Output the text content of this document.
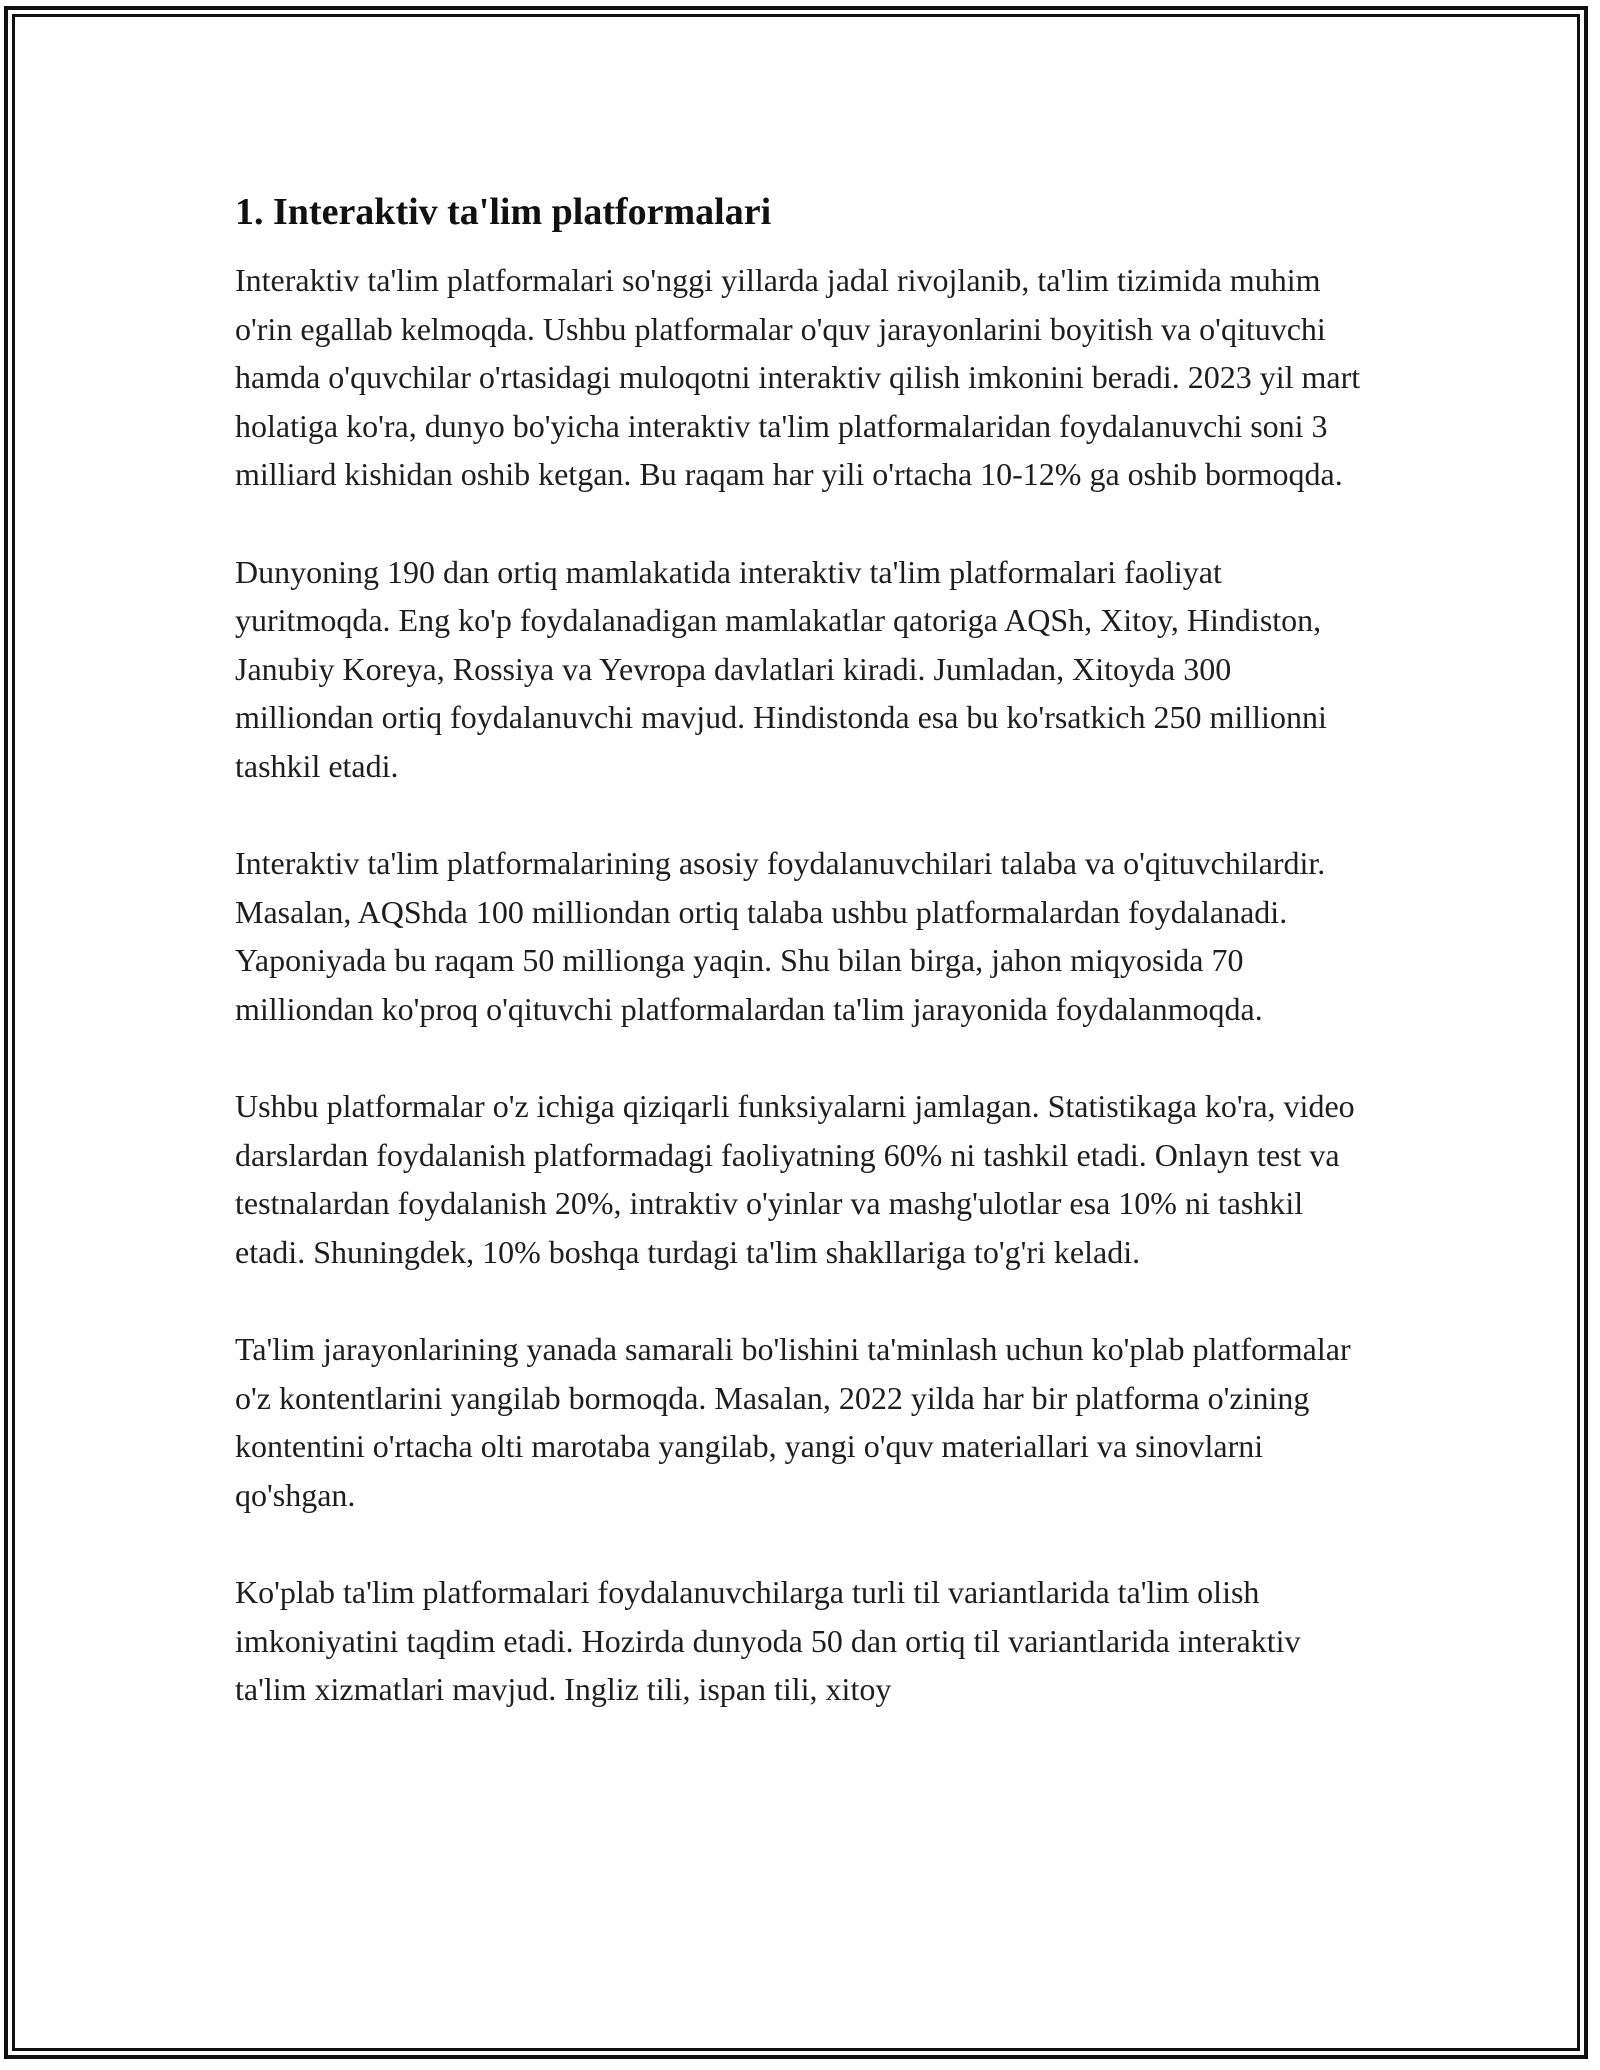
1. Interaktiv ta'lim platformalari

Interaktiv ta'lim platformalari so'nggi yillarda jadal rivojlanib, ta'lim tizimida muhim o'rin egallab kelmoqda. Ushbu platformalar o'quv jarayonlarini boyitish va o'qituvchi hamda o'quvchilar o'rtasidagi muloqotni interaktiv qilish imkonini beradi. 2023 yil mart holatiga ko'ra, dunyo bo'yicha interaktiv ta'lim platformalaridan foydalanuvchi soni 3 milliard kishidan oshib ketgan. Bu raqam har yili o'rtacha 10-12% ga oshib bormoqda.

Dunyoning 190 dan ortiq mamlakatida interaktiv ta'lim platformalari faoliyat yuritmoqda. Eng ko'p foydalanadigan mamlakatlar qatoriga AQSh, Xitoy, Hindiston, Janubiy Koreya, Rossiya va Yevropa davlatlari kiradi. Jumladan, Xitoyda 300 milliondan ortiq foydalanuvchi mavjud. Hindistonda esa bu ko'rsatkich 250 millionni tashkil etadi.

Interaktiv ta'lim platformalarining asosiy foydalanuvchilari talaba va o'qituvchilardir. Masalan, AQShda 100 milliondan ortiq talaba ushbu platformalardan foydalanadi. Yaponiyada bu raqam 50 millionga yaqin. Shu bilan birga, jahon miqyosida 70 milliondan ko'proq o'qituvchi platformalardan ta'lim jarayonida foydalanmoqda.

Ushbu platformalar o'z ichiga qiziqarli funksiyalarni jamlagan. Statistikaga ko'ra, video darslardan foydalanish platformadagi faoliyatning 60% ni tashkil etadi. Onlayn test va testnalardan foydalanish 20%, intraktiv o'yinlar va mashg'ulotlar esa 10% ni tashkil etadi. Shuningdek, 10% boshqa turdagi ta'lim shakllariga to'g'ri keladi.

Ta'lim jarayonlarining yanada samarali bo'lishini ta'minlash uchun ko'plab platformalar o'z kontentlarini yangilab bormoqda. Masalan, 2022 yilda har bir platforma o'zining kontentini o'rtacha olti marotaba yangilab, yangi o'quv materiallari va sinovlarni qo'shgan.

Ko'plab ta'lim platformalari foydalanuvchilarga turli til variantlarida ta'lim olish imkoniyatini taqdim etadi. Hozirda dunyoda 50 dan ortiq til variantlarida interaktiv ta'lim xizmatlari mavjud. Ingliz tili, ispan tili, xitoy
